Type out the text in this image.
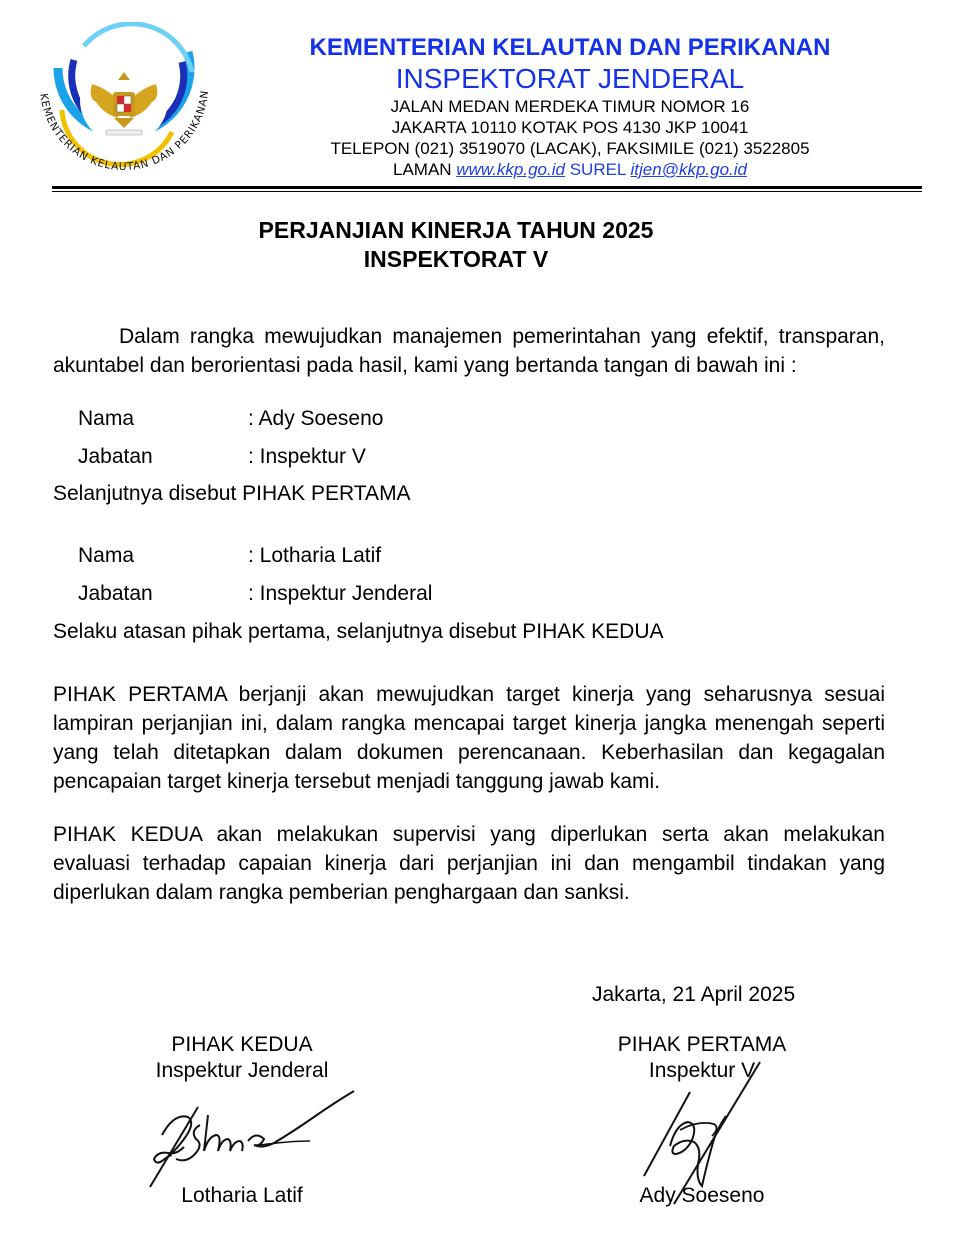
KEMENTERIAN KELAUTAN DAN PERIKANAN
KEMENTERIAN KELAUTAN DAN PERIKANAN
INSPEKTORAT JENDERAL
JALAN MEDAN MERDEKA TIMUR NOMOR 16
JAKARTA 10110 KOTAK POS 4130 JKP 10041
TELEPON (021) 3519070 (LACAK), FAKSIMILE (021) 3522805
LAMAN www.kkp.go.id SUREL itjen@kkp.go.id
PERJANJIAN KINERJA TAHUN 2025
INSPEKTORAT V
Dalam rangka mewujudkan manajemen pemerintahan yang efektif, transparan, akuntabel dan berorientasi pada hasil, kami yang bertanda tangan di bawah ini :
Nama	: Ady Soeseno
Jabatan	: Inspektur V
Selanjutnya disebut PIHAK PERTAMA
Nama	: Lotharia Latif
Jabatan	: Inspektur Jenderal
Selaku atasan pihak pertama, selanjutnya disebut PIHAK KEDUA
PIHAK PERTAMA berjanji akan mewujudkan target kinerja yang seharusnya sesuai lampiran perjanjian ini, dalam rangka mencapai target kinerja jangka menengah seperti yang telah ditetapkan dalam dokumen perencanaan. Keberhasilan dan kegagalan pencapaian target kinerja tersebut menjadi tanggung jawab kami.
PIHAK KEDUA akan melakukan supervisi yang diperlukan serta akan melakukan evaluasi terhadap capaian kinerja dari perjanjian ini dan mengambil tindakan yang diperlukan dalam rangka pemberian penghargaan dan sanksi.
Jakarta, 21 April 2025
PIHAK KEDUA
Inspektur Jenderal
Lotharia Latif
PIHAK PERTAMA
Inspektur V
Ady Soeseno
